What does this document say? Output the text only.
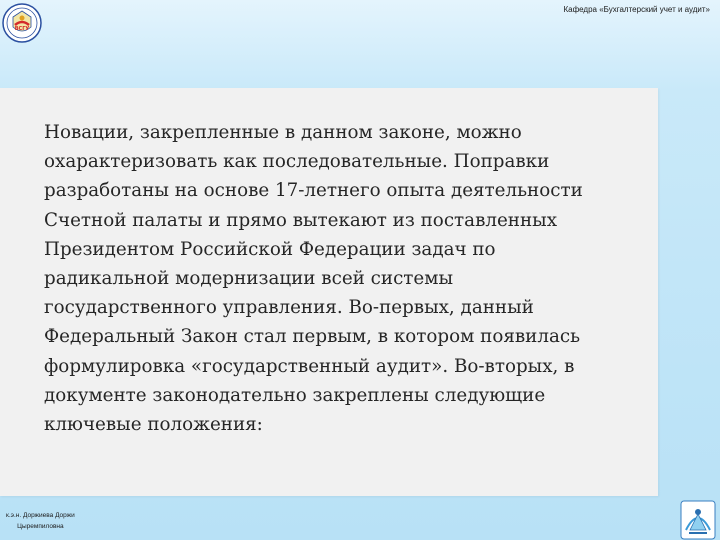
ВСГУ
Кафедра «Бухгалтерский учет и аудит»

Новации, закрепленные в данном законе, можно
охарактеризовать как последовательные. Поправки
разработаны на основе 17-летнего опыта деятельности
Счетной палаты и прямо вытекают из поставленных
Президентом Российской Федерации задач по
радикальной модернизации всей системы
государственного управления. Во-первых, данный
Федеральный Закон стал первым, в котором появилась
формулировка «государственный аудит». Во-вторых, в
документе законодательно закреплены следующие
ключевые положения:

к.э.н. Доржиева Доржи
Цыремпиловна
